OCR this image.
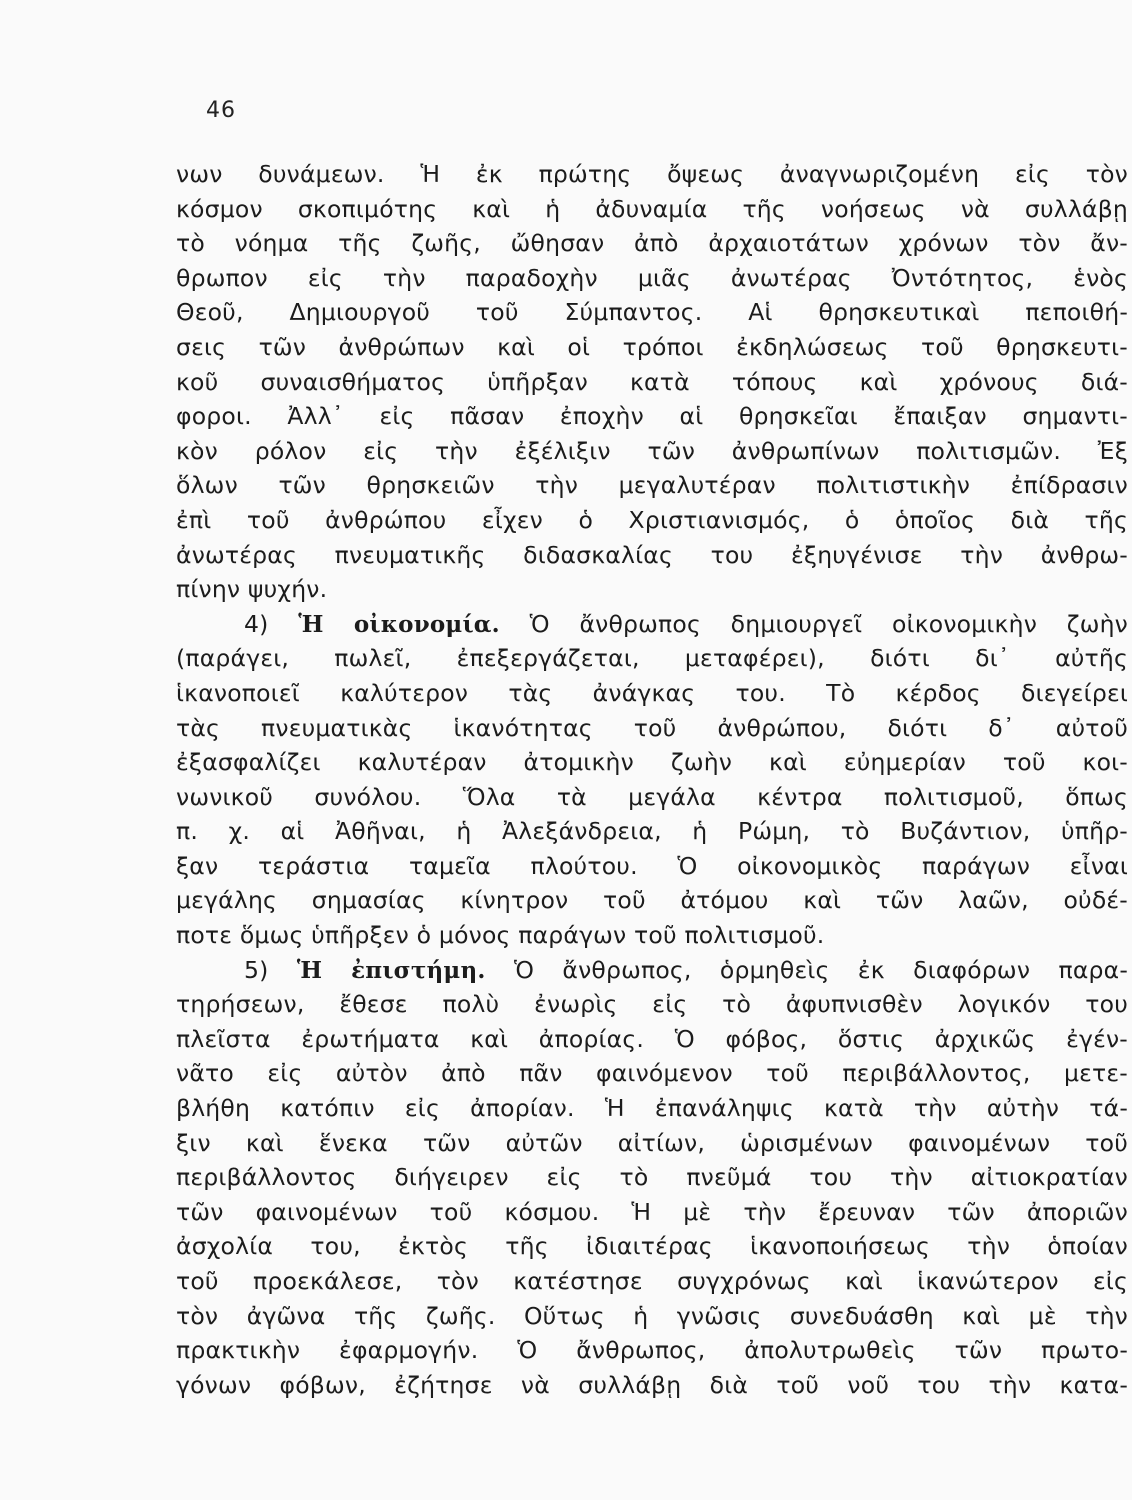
46
νων δυνάμεων. Ἡ ἐκ πρώτης ὄψεως ἀναγνωριζομένη εἰς τὸν
κόσμον σκοπιμότης καὶ ἡ ἀδυναμία τῆς νοήσεως νὰ συλλάβῃ
τὸ νόημα τῆς ζωῆς, ὤθησαν ἀπὸ ἀρχαιοτάτων χρόνων τὸν ἄν-
θρωπον εἰς τὴν παραδοχὴν μιᾶς ἀνωτέρας Ὀντότητος, ἑνὸς
Θεοῦ, Δημιουργοῦ τοῦ Σύμπαντος. Αἱ θρησκευτικαὶ πεποιθή-
σεις τῶν ἀνθρώπων καὶ οἱ τρόποι ἐκδηλώσεως τοῦ θρησκευτι-
κοῦ συναισθήματος ὑπῆρξαν κατὰ τόπους καὶ χρόνους διά-
φοροι. Ἀλλ᾽ εἰς πᾶσαν ἐποχὴν αἱ θρησκεῖαι ἔπαιξαν σημαντι-
κὸν ρόλον εἰς τὴν ἐξέλιξιν τῶν ἀνθρωπίνων πολιτισμῶν. Ἐξ
ὅλων τῶν θρησκειῶν τὴν μεγαλυτέραν πολιτιστικὴν ἐπίδρασιν
ἐπὶ τοῦ ἀνθρώπου εἶχεν ὁ Χριστιανισμός, ὁ ὁποῖος διὰ τῆς
ἀνωτέρας πνευματικῆς διδασκαλίας του ἐξηυγένισε τὴν ἀνθρω-
πίνην ψυχήν.
4) Ἡ οἰκονομία. Ὁ ἄνθρωπος δημιουργεῖ οἰκονομικὴν ζωὴν
(παράγει, πωλεῖ, ἐπεξεργάζεται, μεταφέρει), διότι δι᾽ αὐτῆς
ἱκανοποιεῖ καλύτερον τὰς ἀνάγκας του. Τὸ κέρδος διεγείρει
τὰς πνευματικὰς ἱκανότητας τοῦ ἀνθρώπου, διότι δ᾽ αὐτοῦ
ἐξασφαλίζει καλυτέραν ἀτομικὴν ζωὴν καὶ εὐημερίαν τοῦ κοι-
νωνικοῦ συνόλου. Ὅλα τὰ μεγάλα κέντρα πολιτισμοῦ, ὅπως
π. χ. αἱ Ἀθῆναι, ἡ Ἀλεξάνδρεια, ἡ Ρώμη, τὸ Βυζάντιον, ὑπῆρ-
ξαν τεράστια ταμεῖα πλούτου. Ὁ οἰκονομικὸς παράγων εἶναι
μεγάλης σημασίας κίνητρον τοῦ ἀτόμου καὶ τῶν λαῶν, οὐδέ-
ποτε ὅμως ὑπῆρξεν ὁ μόνος παράγων τοῦ πολιτισμοῦ.
5) Ἡ ἐπιστήμη. Ὁ ἄνθρωπος, ὁρμηθεὶς ἐκ διαφόρων παρα-
τηρήσεων, ἔθεσε πολὺ ἐνωρὶς εἰς τὸ ἀφυπνισθὲν λογικόν του
πλεῖστα ἐρωτήματα καὶ ἀπορίας. Ὁ φόβος, ὅστις ἀρχικῶς ἐγέν-
νᾶτο εἰς αὐτὸν ἀπὸ πᾶν φαινόμενον τοῦ περιβάλλοντος, μετε-
βλήθη κατόπιν εἰς ἀπορίαν. Ἡ ἐπανάληψις κατὰ τὴν αὐτὴν τά-
ξιν καὶ ἕνεκα τῶν αὐτῶν αἰτίων, ὡρισμένων φαινομένων τοῦ
περιβάλλοντος διήγειρεν εἰς τὸ πνεῦμά του τὴν αἰτιοκρατίαν
τῶν φαινομένων τοῦ κόσμου. Ἡ μὲ τὴν ἔρευναν τῶν ἀποριῶν
ἀσχολία του, ἐκτὸς τῆς ἰδιαιτέρας ἱκανοποιήσεως τὴν ὁποίαν
τοῦ προεκάλεσε, τὸν κατέστησε συγχρόνως καὶ ἱκανώτερον εἰς
τὸν ἀγῶνα τῆς ζωῆς. Οὕτως ἡ γνῶσις συνεδυάσθη καὶ μὲ τὴν
πρακτικὴν ἐφαρμογήν. Ὁ ἄνθρωπος, ἀπολυτρωθεὶς τῶν πρωτο-
γόνων φόβων, ἐζήτησε νὰ συλλάβῃ διὰ τοῦ νοῦ του τὴν κατα-
